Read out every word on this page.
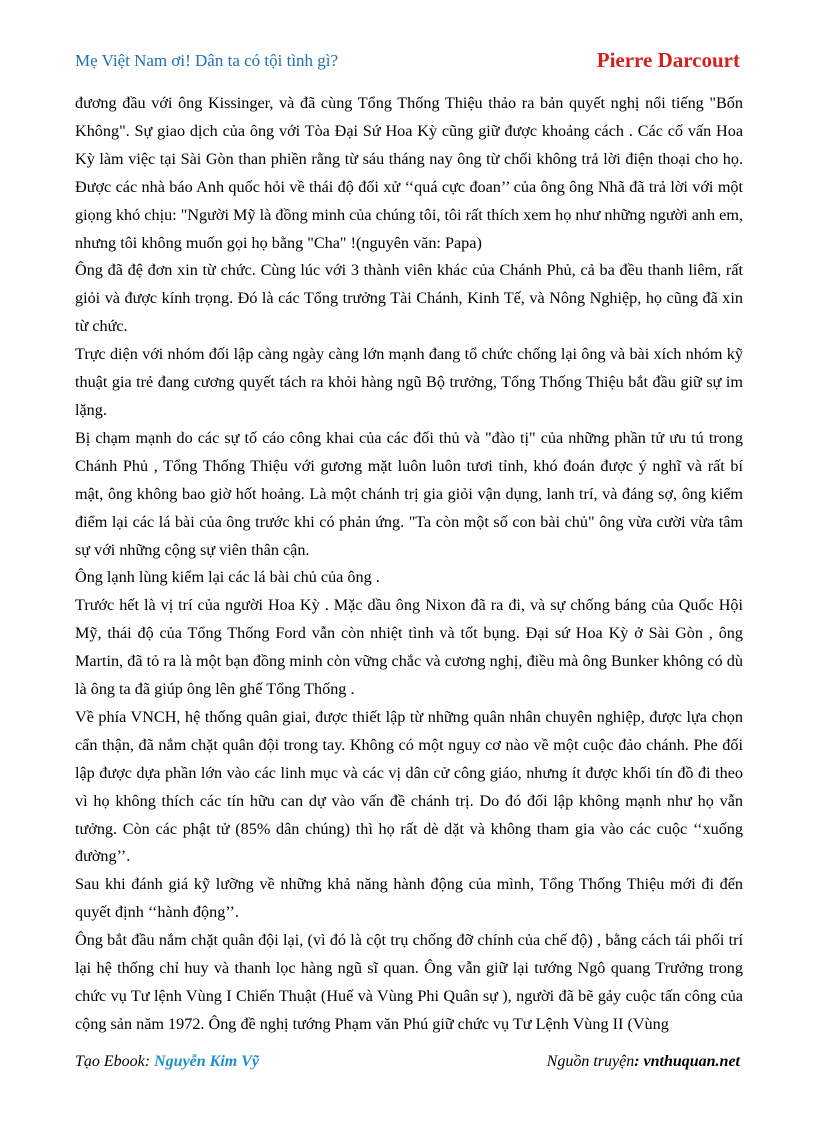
Mẹ Việt Nam ơi! Dân ta có tội tình gì?	Pierre Darcourt

đương đầu với ông Kissinger, và đã cùng Tổng Thống Thiệu thảo ra bản quyết nghị nổi tiếng "Bốn Không". Sự giao dịch của ông với Tòa Đại Sứ Hoa Kỳ cũng giữ được khoảng cách . Các cố vấn Hoa Kỳ làm việc tại Sài Gòn than phiền rằng từ sáu tháng nay ông từ chối không trả lời điện thoại cho họ. Được các nhà báo Anh quốc hỏi về thái độ đối xử ‘‘quá cực đoan’’ của ông ông Nhã đã trả lời với một giọng khó chịu: "Người Mỹ là đồng minh của chúng tôi, tôi rất thích xem họ như những người anh em, nhưng tôi không muốn gọi họ bằng "Cha" !(nguyên văn: Papa)

Ông đã đệ đơn xin từ chức. Cùng lúc với 3 thành viên khác của Chánh Phủ, cả ba đều thanh liêm, rất giỏi và được kính trọng. Đó là các Tổng trưởng Tài Chánh, Kinh Tế, và Nông Nghiệp, họ cũng đã xin từ chức.

Trực diện với nhóm đối lập càng ngày càng lớn mạnh đang tổ chức chống lại ông và bài xích nhóm kỹ thuật gia trẻ đang cương quyết tách ra khỏi hàng ngũ Bộ trưởng, Tổng Thống Thiệu bắt đầu giữ sự im lặng.

Bị chạm mạnh do các sự tố cáo công khai của các đối thủ và "đào tị" của những phần tử ưu tú trong Chánh Phủ , Tổng Thống Thiệu với gương mặt luôn luôn tươi tỉnh, khó đoán được ý nghĩ và rất bí mật, ông không bao giờ hốt hoảng. Là một chánh trị gia giỏi vận dụng, lanh trí, và đáng sợ, ông kiểm điểm lại các lá bài của ông trước khi có phản ứng. "Ta còn một số con bài chủ" ông vừa cười vừa tâm sự với những cộng sự viên thân cận.

Ông lạnh lùng kiểm lại các lá bài chủ của ông .

Trước hết là vị trí của người Hoa Kỳ . Mặc dầu ông Nixon đã ra đi, và sự chống báng của Quốc Hội Mỹ, thái độ của Tổng Thống Ford vẫn còn nhiệt tình và tốt bụng. Đại sứ Hoa Kỳ ở Sài Gòn , ông Martin, đã tỏ ra là một bạn đồng minh còn vững chắc và cương nghị, điều mà ông Bunker không có dù là ông ta đã giúp ông lên ghế Tổng Thống .

Về phía VNCH, hệ thống quân giai, được thiết lập từ những quân nhân chuyên nghiệp, được lựa chọn cẩn thận, đã nắm chặt quân đội trong tay. Không có một nguy cơ nào về một cuộc đảo chánh. Phe đối lập được dựa phần lớn vào các linh mục và các vị dân cử công giáo, nhưng ít được khối tín đồ đi theo vì họ không thích các tín hữu can dự vào vấn đề chánh trị. Do đó đối lập không mạnh như họ vẫn tưởng. Còn các phật tử (85% dân chúng) thì họ rất dè dặt và không tham gia vào các cuộc ‘‘xuống đường’’.

Sau khi đánh giá kỹ lưỡng về những khả năng hành động của mình, Tổng Thống Thiệu mới đi đến quyết định ‘‘hành động’’.

Ông bắt đầu nắm chặt quân đội lại, (vì đó là cột trụ chống đỡ chính của chế độ) , bằng cách tái phối trí lại hệ thống chỉ huy và thanh lọc hàng ngũ sĩ quan. Ông vẫn giữ lại tướng Ngô quang Trưởng trong chức vụ Tư lệnh Vùng I Chiến Thuật (Huế và Vùng Phi Quân sự ), người đã bẽ gảy cuộc tấn công của cộng sản năm 1972. Ông đề nghị tướng Phạm văn Phú giữ chức vụ Tư Lệnh Vùng II (Vùng

Tạo Ebook: Nguyễn Kim Vỹ	Nguồn truyện: vnthuquan.net
